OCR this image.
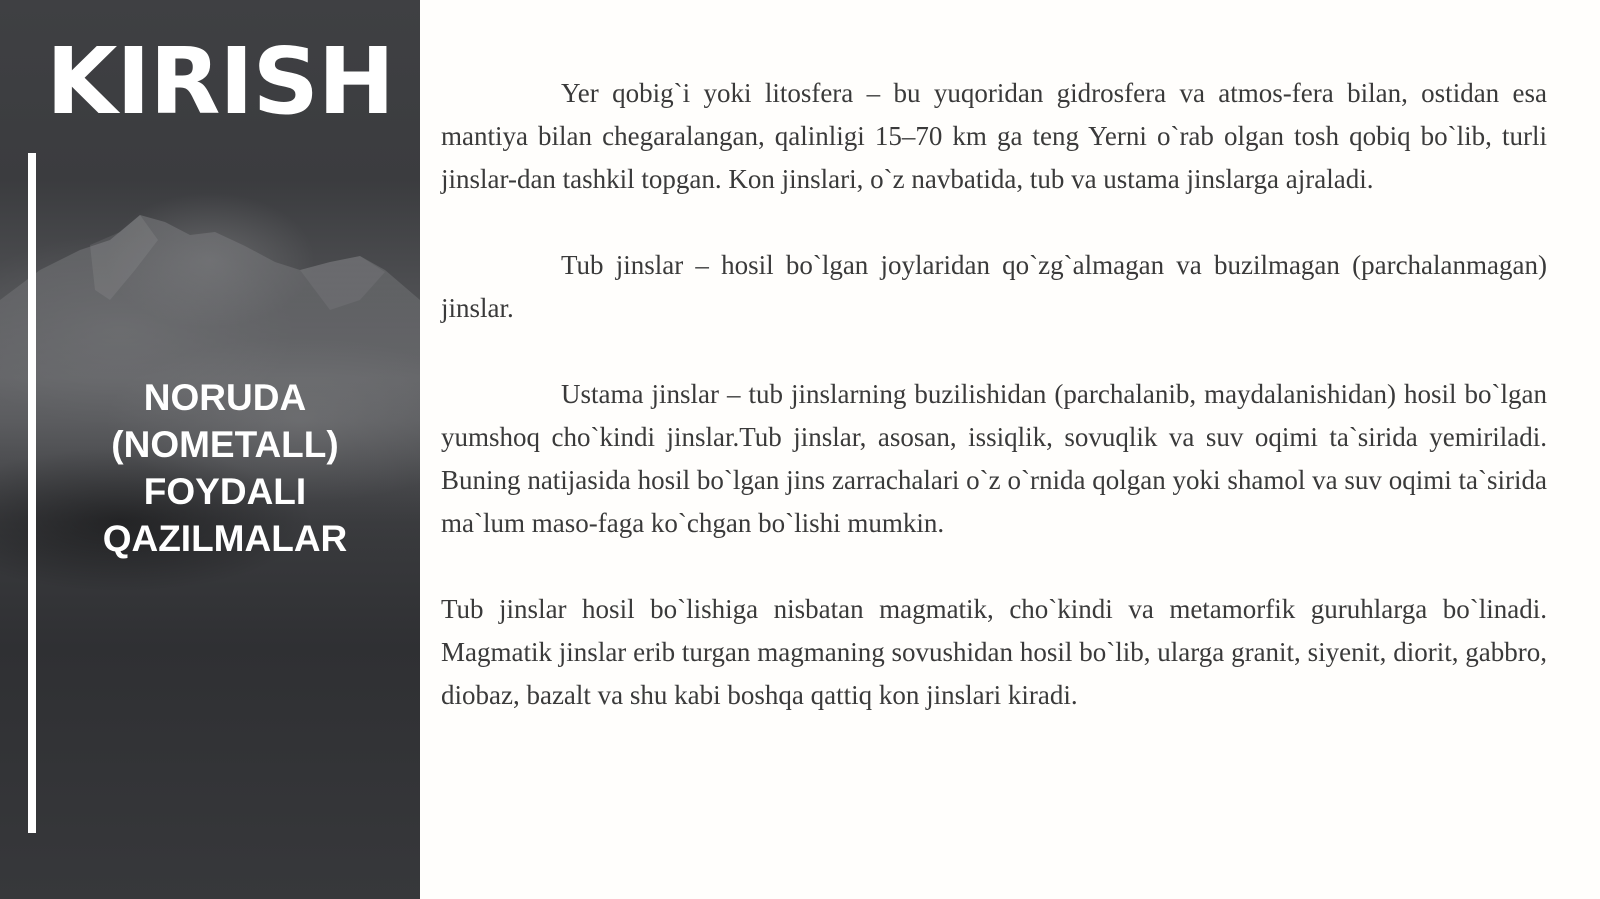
KIRISH
NORUDA
(NOMETALL)
FOYDALI
QAZILMALAR

Yer qobig`i yoki litosfera – bu yuqoridan gidrosfera va atmos-fera bilan, ostidan esa mantiya bilan chegaralangan, qalinligi 15–70 km ga teng Yerni o`rab olgan tosh qobiq bo`lib, turli jinslar-dan tashkil topgan. Kon jinslari, o`z navbatida, tub va ustama jinslarga ajraladi.

Tub jinslar – hosil bo`lgan joylaridan qo`zg`almagan va buzilmagan (parchalanmagan) jinslar.

Ustama jinslar – tub jinslarning buzilishidan (parchalanib, maydalanishidan) hosil bo`lgan yumshoq cho`kindi jinslar.Tub jinslar, asosan, issiqlik, sovuqlik va suv oqimi ta`sirida yemiriladi. Buning natijasida hosil bo`lgan jins zarrachalari o`z o`rnida qolgan yoki shamol va suv oqimi ta`sirida ma`lum maso-faga ko`chgan bo`lishi mumkin.

Tub jinslar hosil bo`lishiga nisbatan magmatik, cho`kindi va metamorfik guruhlarga bo`linadi. Magmatik jinslar erib turgan magmaning sovushidan hosil bo`lib, ularga granit, siyenit, diorit, gabbro, diobaz, bazalt va shu kabi boshqa qattiq kon jinslari kiradi.
